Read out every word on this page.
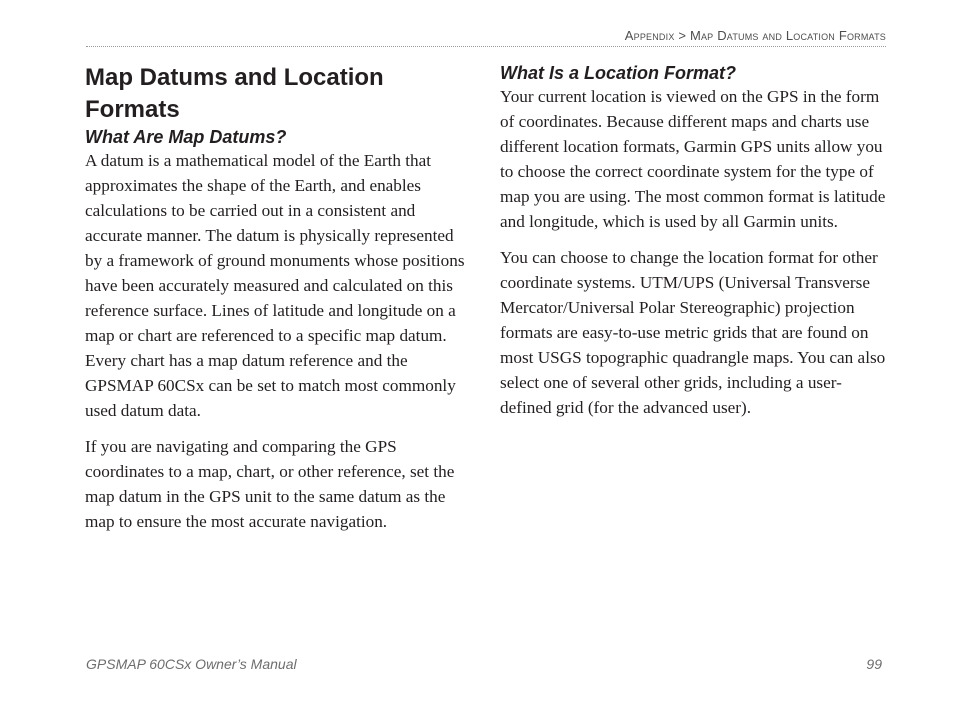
Appendix > Map Datums and Location Formats
Map Datums and Location Formats
What Are Map Datums?

A datum is a mathematical model of the Earth that approximates the shape of the Earth, and enables calculations to be carried out in a consistent and accurate manner. The datum is physically represented by a framework of ground monuments whose positions have been accurately measured and calculated on this reference surface. Lines of latitude and longitude on a map or chart are referenced to a specific map datum. Every chart has a map datum reference and the GPSMAP 60CSx can be set to match most commonly used datum data.

If you are navigating and comparing the GPS coordinates to a map, chart, or other reference, set the map datum in the GPS unit to the same datum as the map to ensure the most accurate navigation.

What Is a Location Format?

Your current location is viewed on the GPS in the form of coordinates. Because different maps and charts use different location formats, Garmin GPS units allow you to choose the correct coordinate system for the type of map you are using. The most common format is latitude and longitude, which is used by all Garmin units.

You can choose to change the location format for other coordinate systems. UTM/UPS (Universal Transverse Mercator/Universal Polar Stereographic) projection formats are easy-to-use metric grids that are found on most USGS topographic quadrangle maps. You can also select one of several other grids, including a user-defined grid (for the advanced user).

GPSMAP 60CSx Owner’s Manual	99
